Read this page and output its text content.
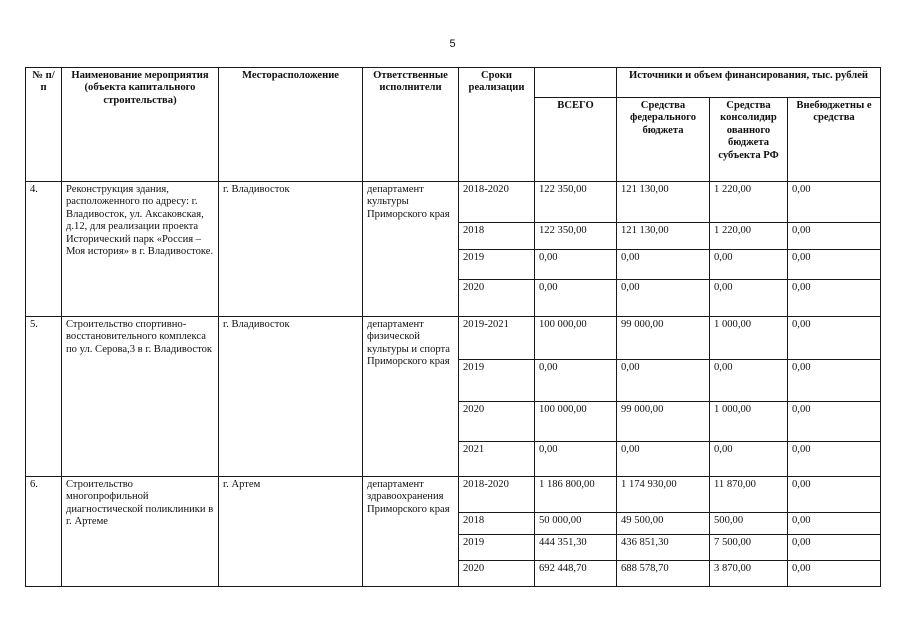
5
№ п/п	Наименование мероприятия (объекта капитального строительства)	Месторасположение	Ответственные исполнители	Сроки реализации		Источники и объем финансирования, тыс. рублей		
					ВСЕГО	Средства федерального бюджета	Средства консолидир ованного бюджета субъекта РФ	Внебюджетны е средства
4.	Реконструкция здания, расположенного по адресу: г. Владивосток, ул. Аксаковская, д.12, для реализации проекта Исторический парк «Россия – Моя история» в г. Владивостоке.	г. Владивосток	департамент культуры Приморского края	2018-2020	122 350,00	121 130,00	1 220,00	0,00
				2018	122 350,00	121 130,00	1 220,00	0,00
				2019	0,00	0,00	0,00	0,00
				2020	0,00	0,00	0,00	0,00
5.	Строительство спортивно-восстановительного комплекса по ул. Серова,3 в г. Владивосток	г. Владивосток	департамент физической культуры и спорта Приморского края	2019-2021	100 000,00	99 000,00	1 000,00	0,00
				2019	0,00	0,00	0,00	0,00
				2020	100 000,00	99 000,00	1 000,00	0,00
				2021	0,00	0,00	0,00	0,00
6.	Строительство многопрофильной диагностической поликлиники в г. Артеме	г. Артем	департамент здравоохранения Приморского края	2018-2020	1 186 800,00	1 174 930,00	11 870,00	0,00
				2018	50 000,00	49 500,00	500,00	0,00
				2019	444 351,30	436 851,30	7 500,00	0,00
				2020	692 448,70	688 578,70	3 870,00	0,00
